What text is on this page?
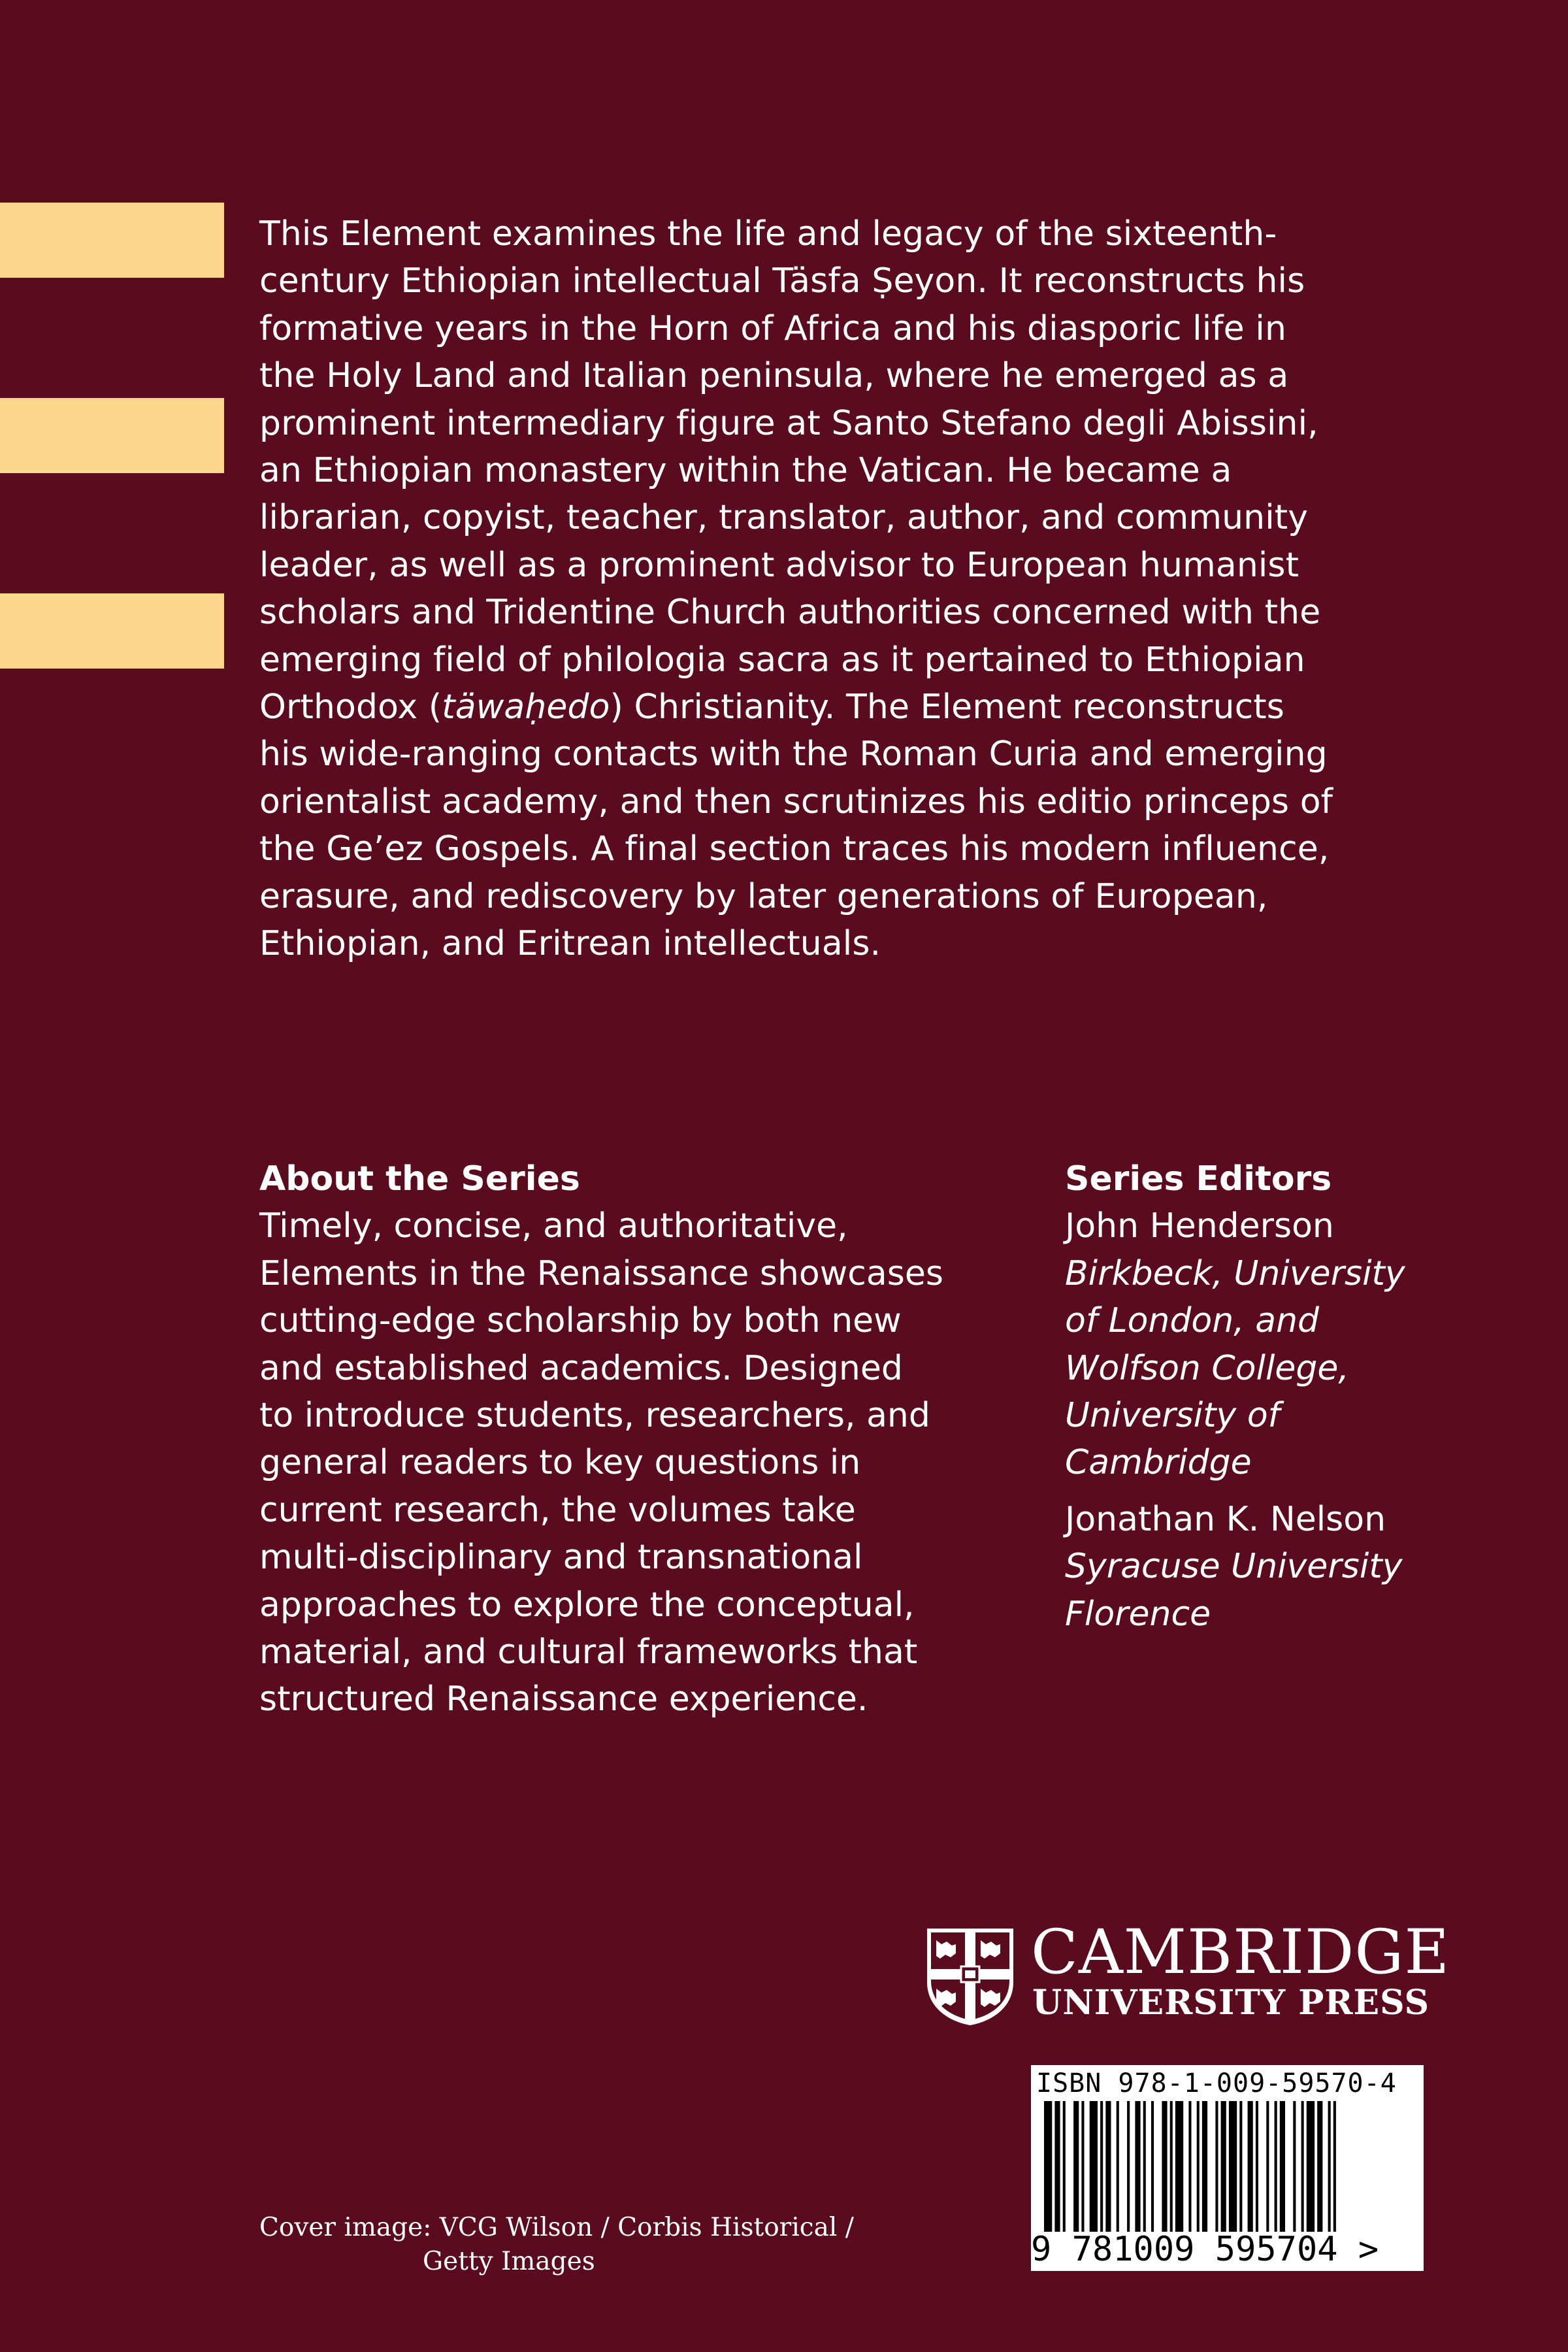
This Element examines the life and legacy of the sixteenth-
century Ethiopian intellectual Täsfa Ṣeyon. It reconstructs his
formative years in the Horn of Africa and his diasporic life in
the Holy Land and Italian peninsula, where he emerged as a
prominent intermediary figure at Santo Stefano degli Abissini,
an Ethiopian monastery within the Vatican. He became a
librarian, copyist, teacher, translator, author, and community
leader, as well as a prominent advisor to European humanist
scholars and Tridentine Church authorities concerned with the
emerging field of philologia sacra as it pertained to Ethiopian
Orthodox (täwaḥedo) Christianity. The Element reconstructs
his wide-ranging contacts with the Roman Curia and emerging
orientalist academy, and then scrutinizes his editio princeps of
the Ge’ez Gospels. A final section traces his modern influence,
erasure, and rediscovery by later generations of European,
Ethiopian, and Eritrean intellectuals.
About the Series
Timely, concise, and authoritative,
Elements in the Renaissance showcases
cutting-edge scholarship by both new
and established academics. Designed
to introduce students, researchers, and
general readers to key questions in
current research, the volumes take
multi-disciplinary and transnational
approaches to explore the conceptual,
material, and cultural frameworks that
structured Renaissance experience.
Series Editors
John Henderson
Birkbeck, University
of London, and
Wolfson College,
University of
Cambridge
Jonathan K. Nelson
Syracuse University
Florence
CAMBRIDGE
UNIVERSITY PRESS
ISBN 978-1-009-59570-4
9 781009 595704 >
Cover image: VCG Wilson / Corbis Historical /
Getty Images
